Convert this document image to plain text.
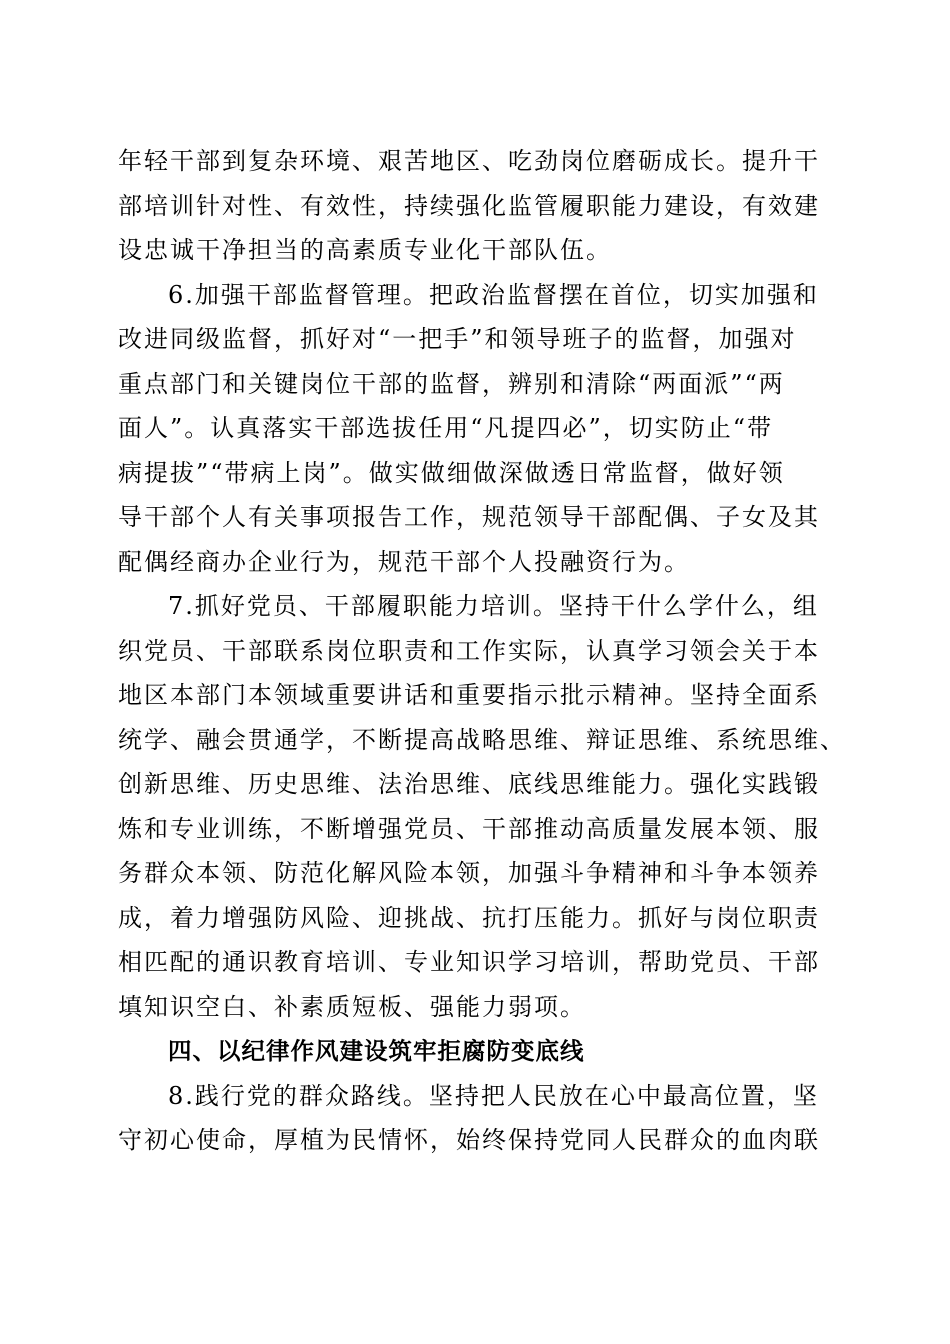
年轻干部到复杂环境、艰苦地区、吃劲岗位磨砺成长。提升干
部培训针对性、有效性，持续强化监管履职能力建设，有效建
设忠诚干净担当的高素质专业化干部队伍。
6.加强干部监督管理。把政治监督摆在首位，切实加强和
改进同级监督，抓好对“一把手”和领导班子的监督，加强对
重点部门和关键岗位干部的监督，辨别和清除“两面派”“两
面人”。认真落实干部选拔任用“凡提四必”，切实防止“带
病提拔”“带病上岗”。做实做细做深做透日常监督，做好领
导干部个人有关事项报告工作，规范领导干部配偶、子女及其
配偶经商办企业行为，规范干部个人投融资行为。
7.抓好党员、干部履职能力培训。坚持干什么学什么，组
织党员、干部联系岗位职责和工作实际，认真学习领会关于本
地区本部门本领域重要讲话和重要指示批示精神。坚持全面系
统学、融会贯通学，不断提高战略思维、辩证思维、系统思维、
创新思维、历史思维、法治思维、底线思维能力。强化实践锻
炼和专业训练，不断增强党员、干部推动高质量发展本领、服
务群众本领、防范化解风险本领，加强斗争精神和斗争本领养
成，着力增强防风险、迎挑战、抗打压能力。抓好与岗位职责
相匹配的通识教育培训、专业知识学习培训，帮助党员、干部
填知识空白、补素质短板、强能力弱项。
四、以纪律作风建设筑牢拒腐防变底线
8.践行党的群众路线。坚持把人民放在心中最高位置，坚
守初心使命，厚植为民情怀，始终保持党同人民群众的血肉联
